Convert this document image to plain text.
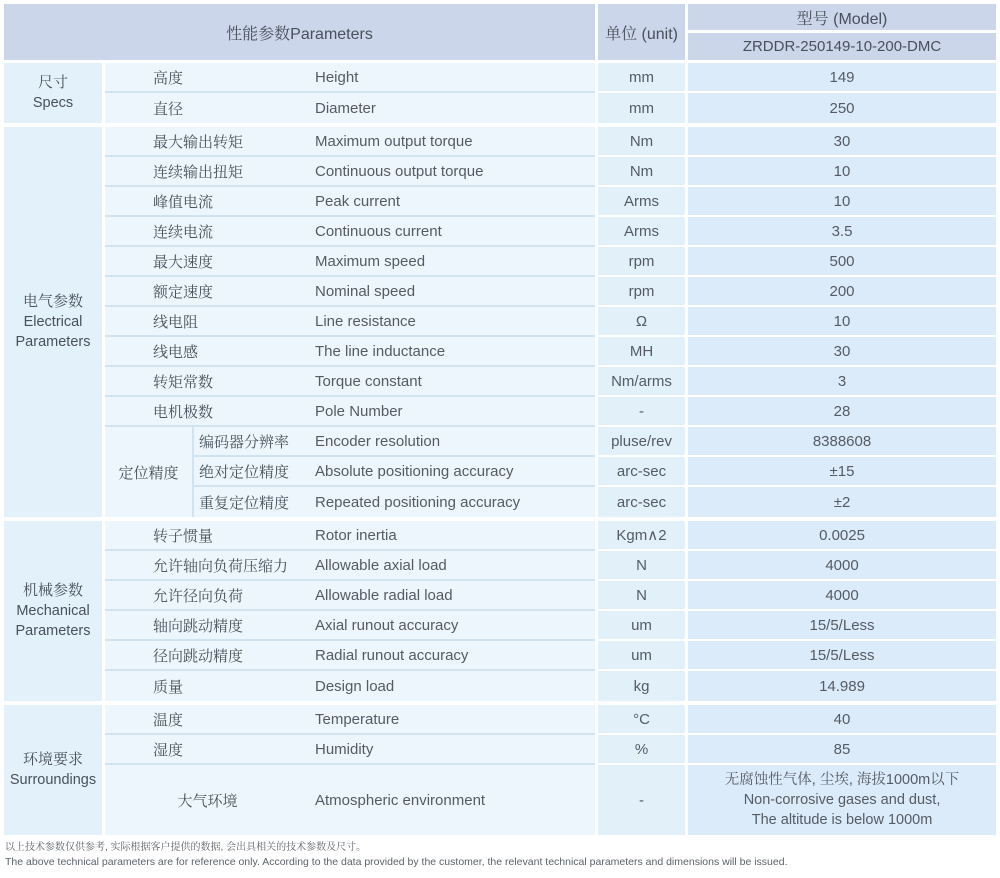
性能参数Parameters				单位 (unit)	型号 (Model)
					ZRDDR-250149-10-200-DMC
尺寸
Specs	高度		Height	mm	149
	直径		Diameter	mm	250

电气参数
Electrical Parameters	最大输出转矩		Maximum output torque	Nm	30
	连续输出扭矩		Continuous output torque	Nm	10
	峰值电流		Peak current	Arms	10
	连续电流		Continuous current	Arms	3.5
	最大速度		Maximum speed	rpm	500
	额定速度		Nominal speed	rpm	200
	线电阻		Line resistance	Ω	10
	线电感		The line inductance	MH	30
	转矩常数		Torque constant	Nm/arms	3
	电机极数		Pole Number	-	28
	定位精度	编码器分辨率	Encoder resolution	pluse/rev	8388608
		绝对定位精度	Absolute positioning accuracy	arc-sec	±15
		重复定位精度	Repeated positioning accuracy	arc-sec	±2

机械参数
Mechanical Parameters	转子惯量		Rotor inertia	Kgm∧2	0.0025
	允许轴向负荷压缩力		Allowable axial load	N	4000
	允许径向负荷		Allowable radial load	N	4000
	轴向跳动精度		Axial runout accuracy	um	15/5/Less
	径向跳动精度		Radial runout accuracy	um	15/5/Less
	质量		Design load	kg	14.989

环境要求
Surroundings	温度		Temperature	°C	40
	湿度		Humidity	%	85
	大气环境		Atmospheric environment	-	无腐蚀性气体, 尘埃, 海拔1000m以下
Non-corrosive gases and dust,
The altitude is below 1000m
以上技术参数仅供参考, 实际根据客户提供的数据, 会出具相关的技术参数及尺寸。
The above technical parameters are for reference only. According to the data provided by the customer, the relevant technical parameters and dimensions will be issued.
